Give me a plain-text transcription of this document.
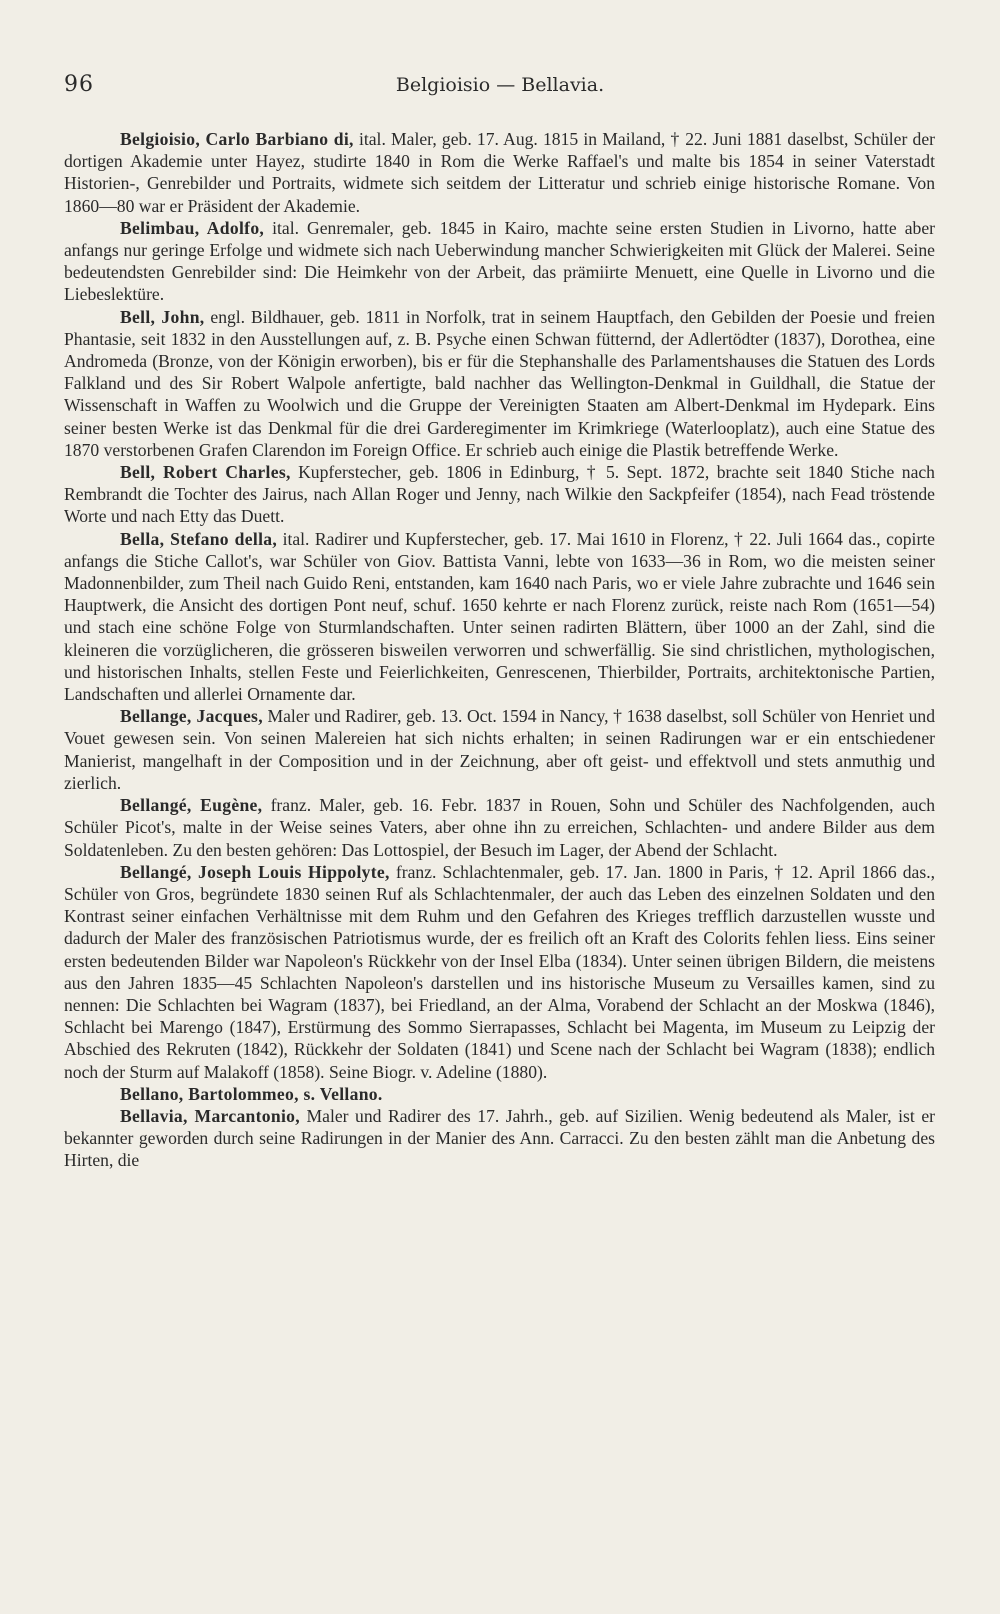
96	Belgioisio — Bellavia.

Belgioisio, Carlo Barbiano di, ital. Maler, geb. 17. Aug. 1815 in Mailand, † 22. Juni 1881 daselbst, Schüler der dortigen Akademie unter Hayez, studirte 1840 in Rom die Werke Raffael's und malte bis 1854 in seiner Vaterstadt Historien-, Genrebilder und Portraits, widmete sich seitdem der Litteratur und schrieb einige historische Romane. Von 1860—80 war er Präsident der Akademie.

Belimbau, Adolfo, ital. Genremaler, geb. 1845 in Kairo, machte seine ersten Studien in Livorno, hatte aber anfangs nur geringe Erfolge und widmete sich nach Ueberwindung mancher Schwierigkeiten mit Glück der Malerei. Seine bedeutendsten Genrebilder sind: Die Heimkehr von der Arbeit, das prämiirte Menuett, eine Quelle in Livorno und die Liebeslektüre.

Bell, John, engl. Bildhauer, geb. 1811 in Norfolk, trat in seinem Hauptfach, den Gebilden der Poesie und freien Phantasie, seit 1832 in den Ausstellungen auf, z. B. Psyche einen Schwan fütternd, der Adlertödter (1837), Dorothea, eine Andromeda (Bronze, von der Königin erworben), bis er für die Stephanshalle des Parlamentshauses die Statuen des Lords Falkland und des Sir Robert Walpole anfertigte, bald nachher das Wellington-Denkmal in Guildhall, die Statue der Wissenschaft in Waffen zu Woolwich und die Gruppe der Vereinigten Staaten am Albert-Denkmal im Hydepark. Eins seiner besten Werke ist das Denkmal für die drei Garderegimenter im Krimkriege (Waterlooplatz), auch eine Statue des 1870 verstorbenen Grafen Clarendon im Foreign Office. Er schrieb auch einige die Plastik betreffende Werke.

Bell, Robert Charles, Kupferstecher, geb. 1806 in Edinburg, † 5. Sept. 1872, brachte seit 1840 Stiche nach Rembrandt die Tochter des Jairus, nach Allan Roger und Jenny, nach Wilkie den Sackpfeifer (1854), nach Fead tröstende Worte und nach Etty das Duett.

Bella, Stefano della, ital. Radirer und Kupferstecher, geb. 17. Mai 1610 in Florenz, † 22. Juli 1664 das., copirte anfangs die Stiche Callot's, war Schüler von Giov. Battista Vanni, lebte von 1633—36 in Rom, wo die meisten seiner Madonnenbilder, zum Theil nach Guido Reni, entstanden, kam 1640 nach Paris, wo er viele Jahre zubrachte und 1646 sein Hauptwerk, die Ansicht des dortigen Pont neuf, schuf. 1650 kehrte er nach Florenz zurück, reiste nach Rom (1651—54) und stach eine schöne Folge von Sturmlandschaften. Unter seinen radirten Blättern, über 1000 an der Zahl, sind die kleineren die vorzüglicheren, die grösseren bisweilen verworren und schwerfällig. Sie sind christlichen, mythologischen, und historischen Inhalts, stellen Feste und Feierlichkeiten, Genrescenen, Thierbilder, Portraits, architektonische Partien, Landschaften und allerlei Ornamente dar.

Bellange, Jacques, Maler und Radirer, geb. 13. Oct. 1594 in Nancy, † 1638 daselbst, soll Schüler von Henriet und Vouet gewesen sein. Von seinen Malereien hat sich nichts erhalten; in seinen Radirungen war er ein entschiedener Manierist, mangelhaft in der Composition und in der Zeichnung, aber oft geist- und effektvoll und stets anmuthig und zierlich.

Bellangé, Eugène, franz. Maler, geb. 16. Febr. 1837 in Rouen, Sohn und Schüler des Nachfolgenden, auch Schüler Picot's, malte in der Weise seines Vaters, aber ohne ihn zu erreichen, Schlachten- und andere Bilder aus dem Soldatenleben. Zu den besten gehören: Das Lottospiel, der Besuch im Lager, der Abend der Schlacht.

Bellangé, Joseph Louis Hippolyte, franz. Schlachtenmaler, geb. 17. Jan. 1800 in Paris, † 12. April 1866 das., Schüler von Gros, begründete 1830 seinen Ruf als Schlachtenmaler, der auch das Leben des einzelnen Soldaten und den Kontrast seiner einfachen Verhältnisse mit dem Ruhm und den Gefahren des Krieges trefflich darzustellen wusste und dadurch der Maler des französischen Patriotismus wurde, der es freilich oft an Kraft des Colorits fehlen liess. Eins seiner ersten bedeutenden Bilder war Napoleon's Rückkehr von der Insel Elba (1834). Unter seinen übrigen Bildern, die meistens aus den Jahren 1835—45 Schlachten Napoleon's darstellen und ins historische Museum zu Versailles kamen, sind zu nennen: Die Schlachten bei Wagram (1837), bei Friedland, an der Alma, Vorabend der Schlacht an der Moskwa (1846), Schlacht bei Marengo (1847), Erstürmung des Sommo Sierrapasses, Schlacht bei Magenta, im Museum zu Leipzig der Abschied des Rekruten (1842), Rückkehr der Soldaten (1841) und Scene nach der Schlacht bei Wagram (1838); endlich noch der Sturm auf Malakoff (1858). Seine Biogr. v. Adeline (1880).

Bellano, Bartolommeo, s. Vellano.

Bellavia, Marcantonio, Maler und Radirer des 17. Jahrh., geb. auf Sizilien. Wenig bedeutend als Maler, ist er bekannter geworden durch seine Radirungen in der Manier des Ann. Carracci. Zu den besten zählt man die Anbetung des Hirten, die
